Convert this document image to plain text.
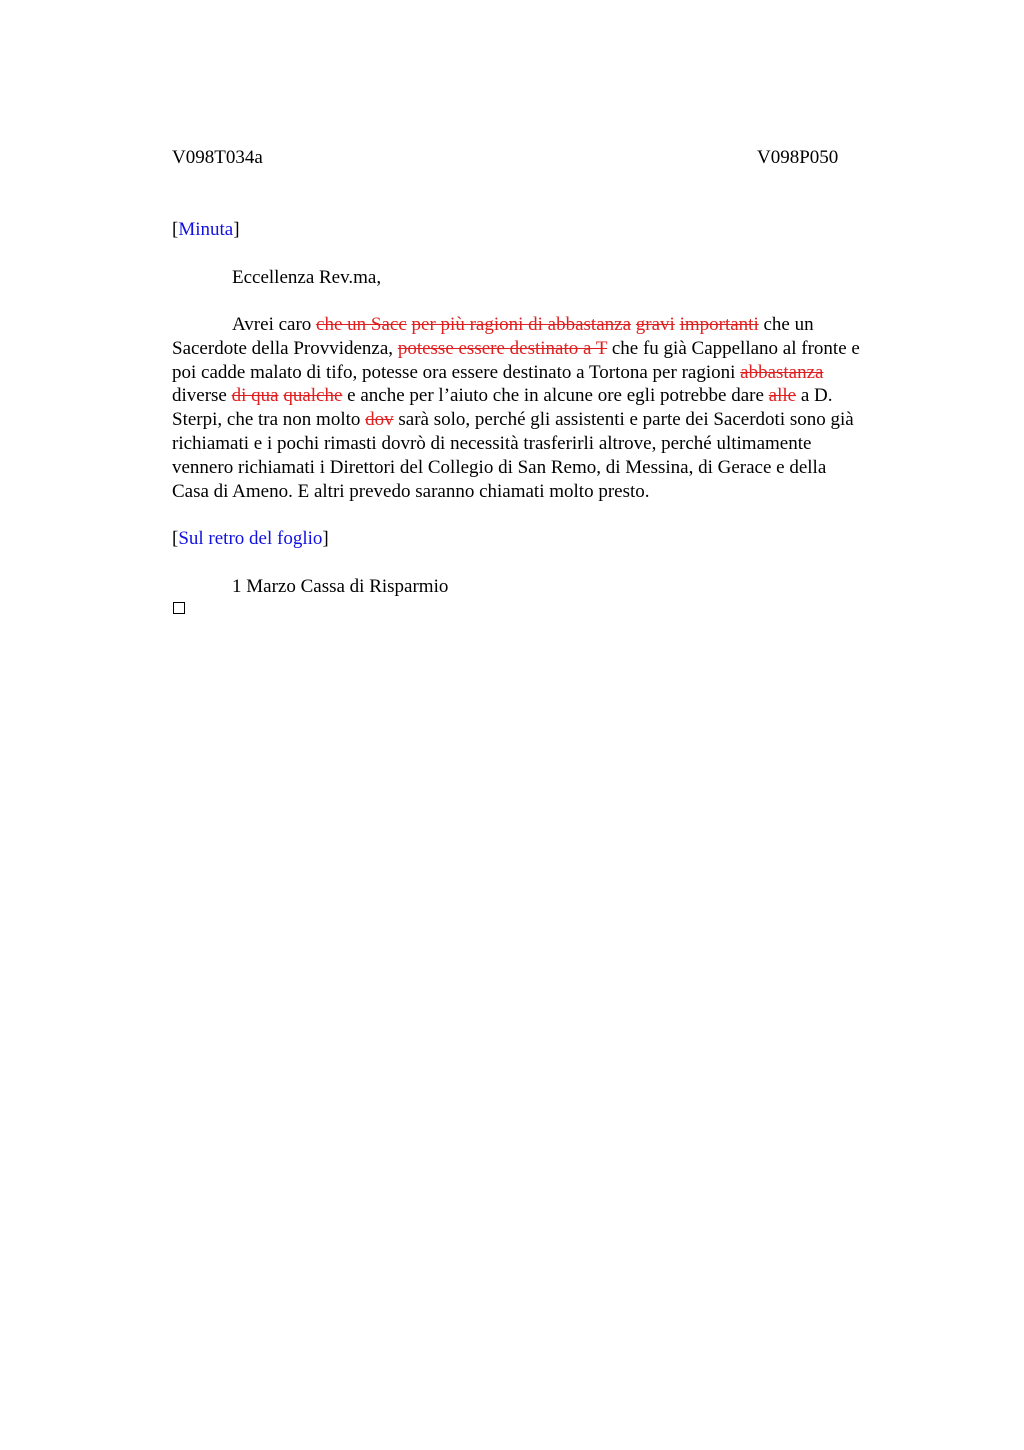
V098T034a	V098P050
[Minuta]
Eccellenza Rev.ma,
Avrei caro che un Sacc per più ragioni di abbastanza gravi importanti che un
Sacerdote della Provvidenza, potesse essere destinato a T che fu già Cappellano al fronte e
poi cadde malato di tifo, potesse ora essere destinato a Tortona per ragioni abbastanza
diverse di qua qualche e anche per l’aiuto che in alcune ore egli potrebbe dare alle a D.
Sterpi, che tra non molto dov sarà solo, perché gli assistenti e parte dei Sacerdoti sono già
richiamati e i pochi rimasti dovrò di necessità trasferirli altrove, perché ultimamente
vennero richiamati i Direttori del Collegio di San Remo, di Messina, di Gerace e della
Casa di Ameno. E altri prevedo saranno chiamati molto presto.
[Sul retro del foglio]
1 Marzo Cassa di Risparmio
